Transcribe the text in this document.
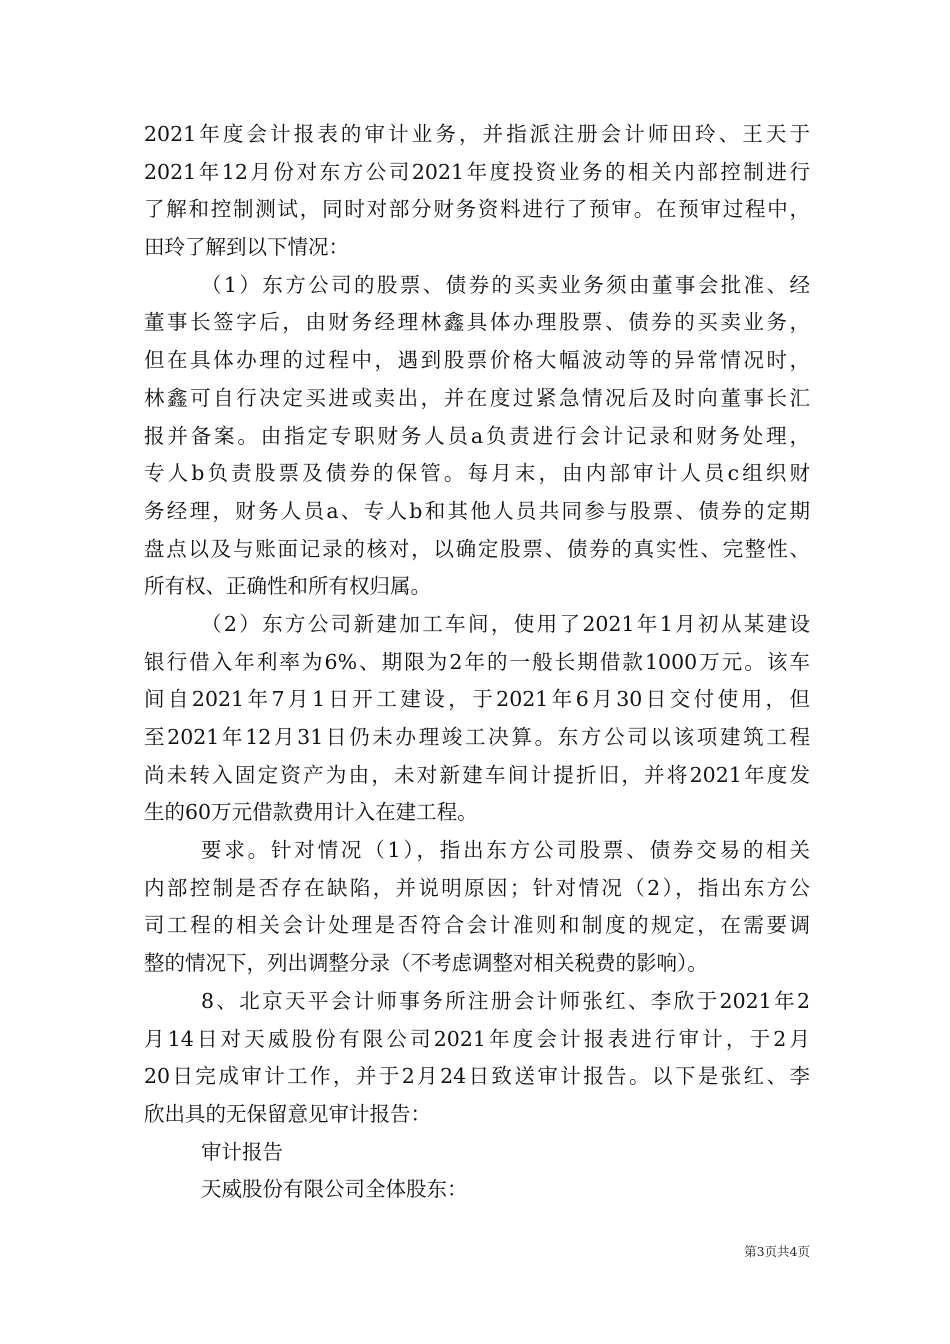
2021年度会计报表的审计业务，并指派注册会计师田玲、王天于
2021年12月份对东方公司2021年度投资业务的相关内部控制进行
了解和控制测试，同时对部分财务资料进行了预审。在预审过程中，
田玲了解到以下情况：
（1）东方公司的股票、债券的买卖业务须由董事会批准、经
董事长签字后，由财务经理林鑫具体办理股票、债券的买卖业务，
但在具体办理的过程中，遇到股票价格大幅波动等的异常情况时，
林鑫可自行决定买进或卖出，并在度过紧急情况后及时向董事长汇
报并备案。由指定专职财务人员a负责进行会计记录和财务处理，
专人b负责股票及债券的保管。每月末，由内部审计人员c组织财
务经理，财务人员a、专人b和其他人员共同参与股票、债券的定期
盘点以及与账面记录的核对，以确定股票、债券的真实性、完整性、
所有权、正确性和所有权归属。
（2）东方公司新建加工车间，使用了2021年1月初从某建设
银行借入年利率为6%、期限为2年的一般长期借款1000万元。该车
间自2021年7月1日开工建设，于2021年6月30日交付使用，但
至2021年12月31日仍未办理竣工决算。东方公司以该项建筑工程
尚未转入固定资产为由，未对新建车间计提折旧，并将2021年度发
生的60万元借款费用计入在建工程。
要求。针对情况（1），指出东方公司股票、债券交易的相关
内部控制是否存在缺陷，并说明原因；针对情况（2），指出东方公
司工程的相关会计处理是否符合会计准则和制度的规定，在需要调
整的情况下，列出调整分录（不考虑调整对相关税费的影响）。
8、北京天平会计师事务所注册会计师张红、李欣于2021年2
月14日对天威股份有限公司2021年度会计报表进行审计，于2月
20日完成审计工作，并于2月24日致送审计报告。以下是张红、李
欣出具的无保留意见审计报告：
审计报告
天威股份有限公司全体股东：
第3页共4页
